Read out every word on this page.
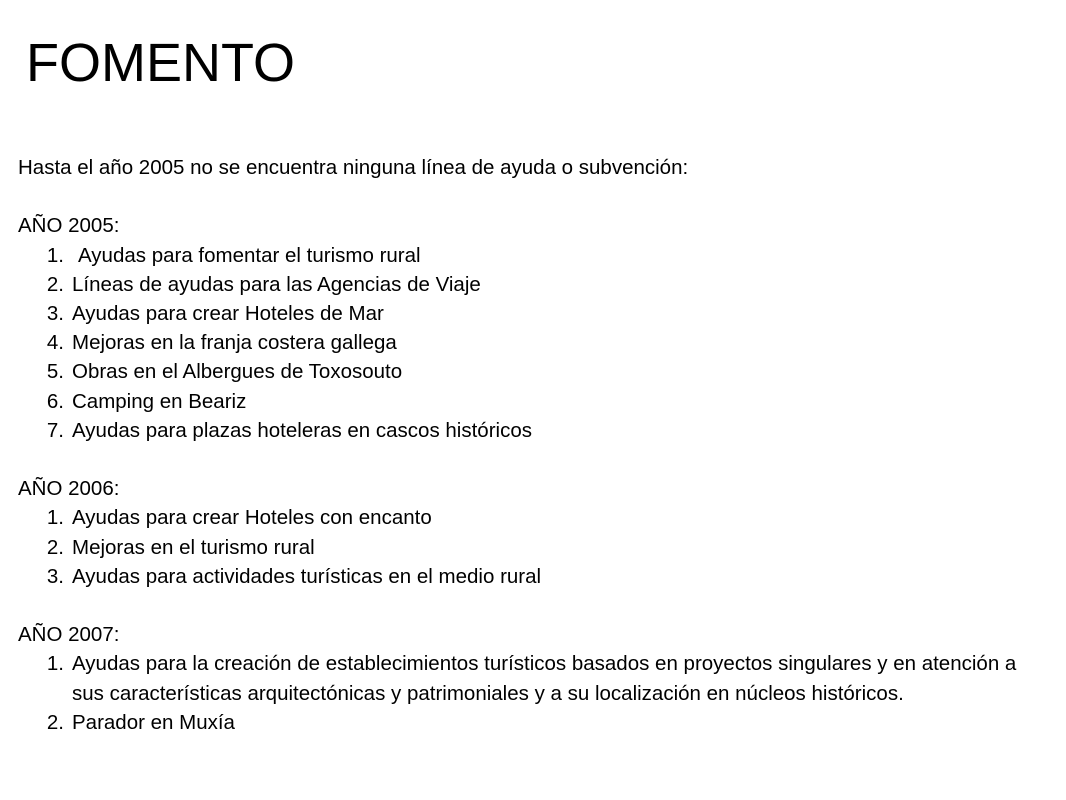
FOMENTO

Hasta el año 2005 no se encuentra ninguna línea de ayuda o subvención:

AÑO 2005:

1. Ayudas para fomentar el turismo rural
2. Líneas de ayudas para las Agencias de Viaje
3. Ayudas para crear Hoteles de Mar
4. Mejoras en la franja costera gallega
5. Obras en el Albergues de Toxosouto
6. Camping en Beariz
7. Ayudas para plazas hoteleras en cascos históricos

AÑO 2006:

1. Ayudas para crear Hoteles con encanto
2. Mejoras en el turismo rural
3. Ayudas para actividades turísticas en el medio rural

AÑO 2007:

1. Ayudas para la creación de establecimientos turísticos basados en proyectos singulares y en atención a sus características arquitectónicas y patrimoniales y a su localización en núcleos históricos.
2. Parador en Muxía
